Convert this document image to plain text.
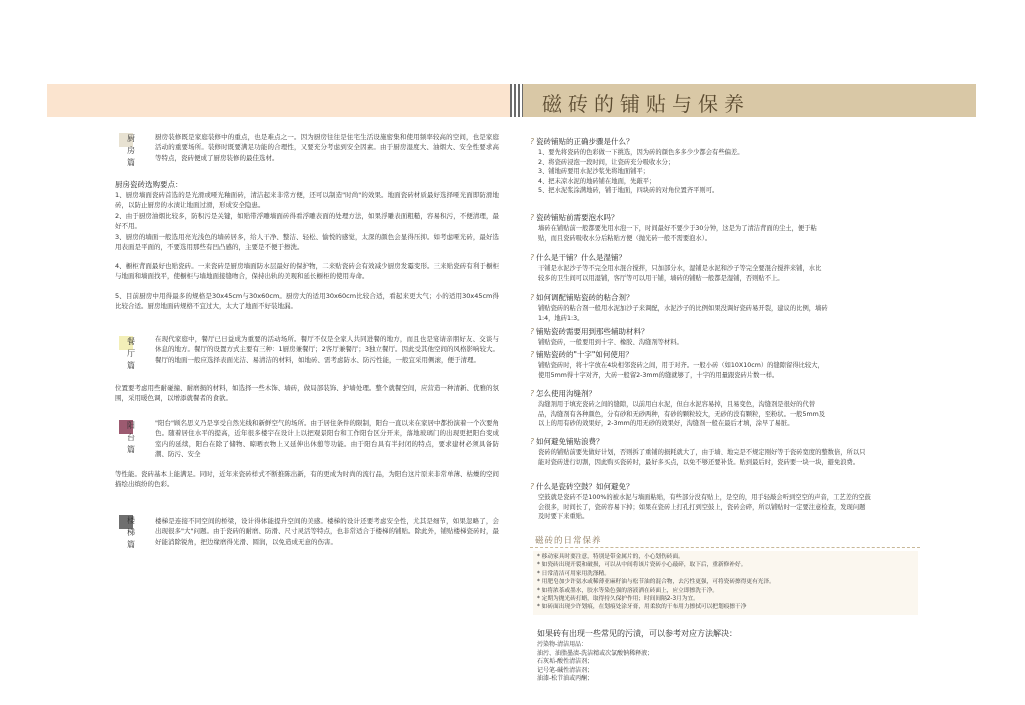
磁砖的铺贴与保养
厨
房
篇
厨房装修既是家庭装修中的重点，也是难点之一。因为厨房往往是住宅生活设施密集和使用频率较高的空间，也是家庭活动的重要场所。装修时既要满足功能的合理性，又要充分考虑到安全因素。由于厨房湿度大、油烟大、安全性要求高等特点，瓷砖便成了厨房装修的最佳选材。
厨房瓷砖选购要点：
1、厨房墙面瓷砖首选的是光滑或哑光釉面砖，清洁起来非常方便，还可以制造"时尚"的效果。地面瓷砖材质最好选择哑光面即防滑地砖，以防止厨房的水渍让地面过滑，形成安全隐患。
2、由于厨房油烟比较多，防积污是关键，如贴带浮雕墙面砖得看浮雕表面的处理方法，如果浮雕表面粗糙，容易积污，不便清理，最好不用。
3、厨房的墙面一般选用亮光浅色的墙砖居多，给人干净、整洁、轻松、愉悦的感觉，太深的颜色会显得压抑。如考虑哑光砖，最好选用表面是平面的，不要选用那些有凹凸感的，主要是不便于擦洗。
4、橱柜背面最好也贴瓷砖。一来瓷砖是厨房墙面防水层最好的保护物，二来贴瓷砖会有效减少厨房发霉变形。三来贴瓷砖有利于橱柜与地面和墙面找平，使橱柜与墙地面接缝吻合，保持出轨的美观和延长橱柜的使用寿命。
5、目前厨房中用得最多的规格是30x45cm与30x60cm。厨房大的适用30x60cm比较合适，看起来更大气；小的适用30x45cm得比较合适。厨房地面砖规格不宜过大，太大了地面不好装地漏。
餐
厅
篇
在现代家庭中，餐厅已日益成为重要的活动场所。餐厅不仅是全家人共同进餐的地方，而且也是宴请亲朋好友、交谈与休息的地方。餐厅的设置方式主要有三种：1厨房兼餐厅；2客厅兼餐厅；3独立餐厅。因此受其他空间的风格影响较大。餐厅的地面一般应选择表面光洁、易清洁的材料，如地砖、需考虑防水、防污性能，一般宜采用侧滚，便于清理。
位置要考虑用些耐碰撞、耐磨损的材料，如选择一些木饰、墙砖，做局部装饰、护墙处理。整个就餐空间，应营造一种清新、优雅的氛围，采用暖色调，以增添就餐者的食欲。
阳
台
篇
"阳台"顾名思义乃是享受自然光线和新鲜空气的场所。由于居住条件的限制，阳台一直以来在家居中都扮演着一个次要角色。随着居住水平的提高，近年很多楼宇在设计上以把观景阳台和工作阳台区分开来，落地玻璃门的出现更把阳台变成室内的延续，阳台在除了储物、晾晒衣物上又延伸出休憩等功能。由于阳台具有半封闭的特点，要求建材必须具备防潮、防污、安全
等性能。瓷砖基本上能满足。同时，近年来瓷砖样式不断推陈出新，有的更成为时尚的流行品，为阳台这片原来非常单薄、枯燥的空间描绘出缤纷的色彩。
楼
梯
篇
楼梯是连接不同空间的桥梁，设计得体能提升空间的美感。楼梯的设计还要考虑安全性，尤其是细节，如果忽略了，会出现很多"大"问题。由于瓷砖的耐磨、防滑、尺寸灵活等特点，也非常适合于楼梯的铺贴。除此外，铺贴楼梯瓷砖时，最好能消除锐角，把边缘磨得光滑、圆润，以免造成无意的伤害。
? 瓷砖铺贴的正确步骤是什么？
1、要先将瓷砖的色彩做一下挑选，因为砖的颜色多多少少都会有些偏差。
2、将瓷砖浸泡一段时间，让瓷砖充分吸收水分；
3、铺地砖要用水泥沙浆先将地面铺平；
4、把未凉水泥的地砖铺在地面，先敲平；
5、把水泥浆涂满地砖，铺于地面，四块砖的对角位置齐平则可。
? 瓷砖铺贴前需要泡水吗？
墙砖在铺贴前一般都要先用水泡一下，时间最好不要少于30分钟，这是为了清洁背面的尘土，便于粘
贴，而且瓷砖吸收水分后粘贴方便（抛光砖一般不需要泡水）。
? 什么是干铺？什么是湿铺？
干铺是水泥沙子等不完全用水混合搅拌，只加部分水，湿铺是水泥和沙子等完全要混合搅拌来铺，水比
较多的卫生间可以用湿铺，客厅等可以用干铺，墙砖的铺贴一般都是湿铺，否则贴不上。
? 如何调配铺贴瓷砖的粘合剂？
铺贴瓷砖的粘合剂一般用水泥加沙子来调配，水泥沙子的比例如果没调好瓷砖易开裂，建议的比例，墙砖
1:4，地砖1:3。
? 铺贴瓷砖需要用到那些辅助材料？
铺贴瓷砖，一般要用到十字、橡胶、沟缝剂等材料。
? 铺贴瓷砖的"十字"如何使用？
铺贴瓷砖时，将十字放在4块相邻瓷砖之间，用于对齐。一般小砖（如10X10cm）的缝隙留得比较大，
使用5mm得十字对齐，大砖一般留2-3mm的缝就够了，十字的用量跟瓷砖片数一样。
? 怎么使用沟缝剂？
沟缝剂用于填充瓷砖之间的缝隙，以前用白水泥，但白水泥容易掉，且易变色，沟缝剂是很好的代替
品，沟缝剂有各种颜色，分有砂和无砂两种，有砂的颗粒较大，无砂的没有颗粒，至粉状。一般5mm及
以上的用有砂的效果好，2-3mm的用无砂的效果好，沟缝剂一般在最后才填，涂早了易脏。
? 如何避免铺贴浪费？
瓷砖的铺贴前要先做好计划，否则拆了重铺的损耗就大了，由于墙、地完是不规定刚好等于瓷砖宽度的整数倍，所以只
能对瓷砖进行切割，因此购买瓷砖时，最好多买点，以免不够还要补货。贴到最后时，瓷砖要一块一块，避免浪费。
? 什么是瓷砖空鼓？如何避免？
空鼓就是瓷砖不是100%的被水泥与墙面粘贴，有些部分没有贴上，是空的，用手轻敲会听到空空的声音，工艺差的空鼓
会很多，时间长了，瓷砖容易下掉；如果在瓷砖上打孔打到空鼓上，瓷砖会碎，所以铺贴时一定要注意检查，发现问题
及时要下来重贴。
磁砖的日常保养
* 移动家具时要注意，特别是带金属片的，小心划伤砖面。
* 如瓷砖出现开裂和破损，可以从中间将该片瓷砖小心敲碎，取下后，重新修补好。
* 日常清洁可用家用洗涤精。
* 用肥皂加少许氨水或稀薄亚麻籽油与松节油的混合物，去污性更强，可将瓷砖擦得更有光泽。
* 如将浓茶或墨水，胶水等染色强的溶液洒在砖面上，应立即擦洗干净。
* 定期为抛光砖打蜡，取得持久保护作用；时间间隔2-3月为宜。
* 如砖面出现少许划痕，在划痕处涂牙膏，用柔软的干布用力擦拭可以把划痕擦干净
如果砖有出现一些常见的污渍，可以参考对应方法解决：
污染物-清洁用品：
油污、油脂墨渍-洗洁精或次氯酸钠稀释液；
石灰垢-酸性清洁剂；
记号笔-碱性清洁剂；
油漆-松节油或丙酮；
